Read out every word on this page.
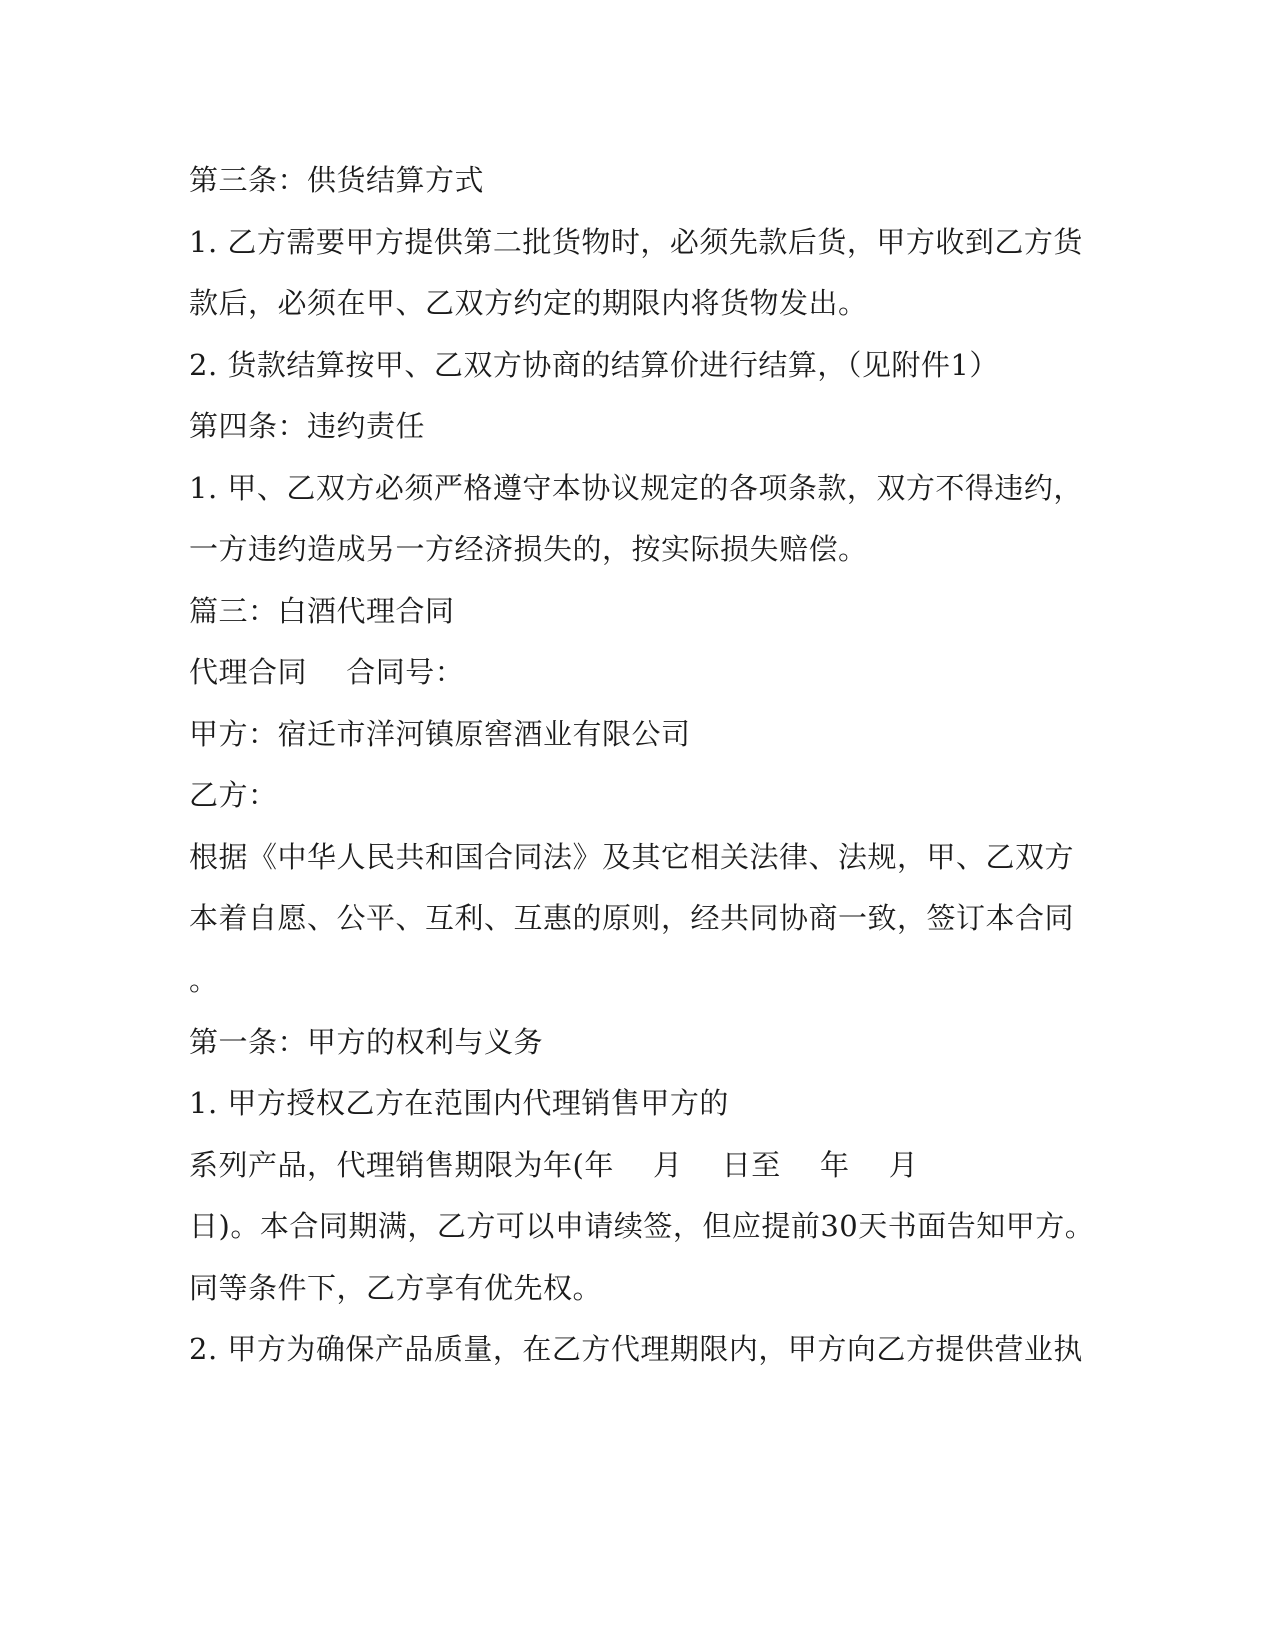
第三条：供货结算方式
1. 乙方需要甲方提供第二批货物时，必须先款后货，甲方收到乙方货
款后，必须在甲、乙双方约定的期限内将货物发出。
2. 货款结算按甲、乙双方协商的结算价进行结算，（见附件1）
第四条：违约责任
1. 甲、乙双方必须严格遵守本协议规定的各项条款，双方不得违约，
一方违约造成另一方经济损失的，按实际损失赔偿。
篇三：白酒代理合同
代理合同　 合同号：
甲方：宿迁市洋河镇原窖酒业有限公司
乙方：
根据《中华人民共和国合同法》及其它相关法律、法规，甲、乙双方
本着自愿、公平、互利、互惠的原则，经共同协商一致，签订本合同
。
第一条：甲方的权利与义务
1. 甲方授权乙方在范围内代理销售甲方的
系列产品，代理销售期限为年(年　 月　 日至　 年　 月
日)。本合同期满，乙方可以申请续签，但应提前30天书面告知甲方。
同等条件下，乙方享有优先权。
2. 甲方为确保产品质量，在乙方代理期限内，甲方向乙方提供营业执
